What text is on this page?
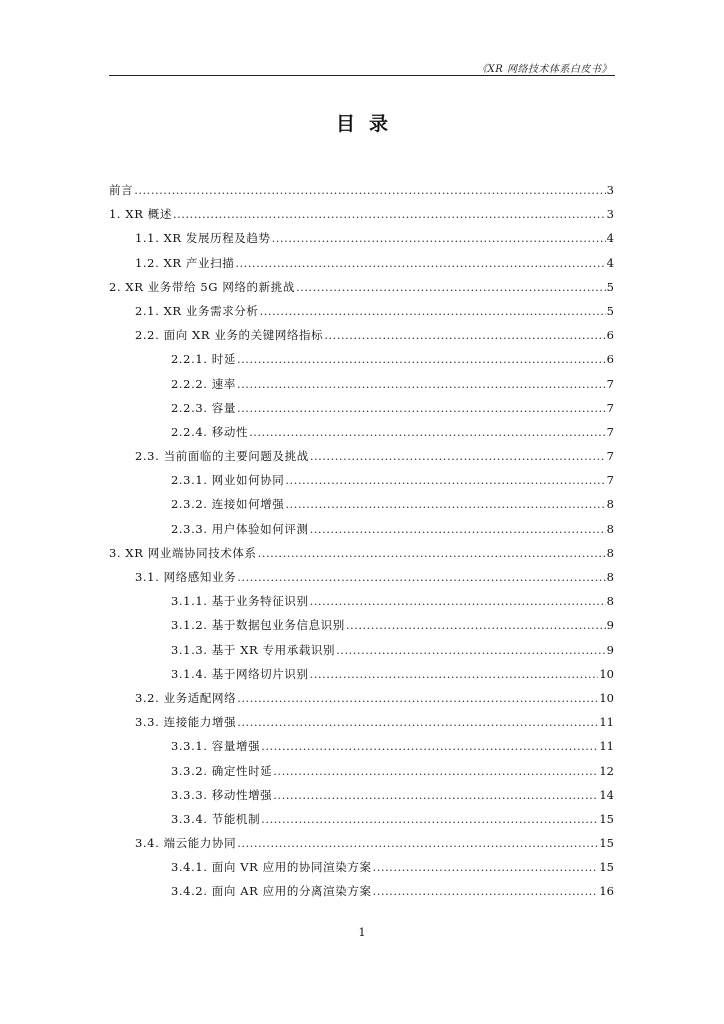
《XR 网络技术体系白皮书》
目录
前言 .....	3
1. XR 概述 .....	3
1.1. XR 发展历程及趋势 .....	4
1.2. XR 产业扫描 .....	4
2. XR 业务带给 5G 网络的新挑战 .....	5
2.1. XR 业务需求分析 .....	5
2.2. 面向 XR 业务的关键网络指标 .....	6
2.2.1. 时延 .....	6
2.2.2. 速率 .....	7
2.2.3. 容量 .....	7
2.2.4. 移动性 .....	7
2.3. 当前面临的主要问题及挑战 .....	7
2.3.1. 网业如何协同 .....	7
2.3.2. 连接如何增强 .....	8
2.3.3. 用户体验如何评测 .....	8
3. XR 网业端协同技术体系 .....	8
3.1. 网络感知业务 .....	8
3.1.1. 基于业务特征识别 .....	8
3.1.2. 基于数据包业务信息识别 .....	9
3.1.3. 基于 XR 专用承载识别 .....	9
3.1.4. 基于网络切片识别 .....	10
3.2. 业务适配网络 .....	10
3.3. 连接能力增强 .....	11
3.3.1. 容量增强 .....	11
3.3.2. 确定性时延 .....	12
3.3.3. 移动性增强 .....	14
3.3.4. 节能机制 .....	15
3.4. 端云能力协同 .....	15
3.4.1. 面向 VR 应用的协同渲染方案 .....	15
3.4.2. 面向 AR 应用的分离渲染方案 .....	16
1
